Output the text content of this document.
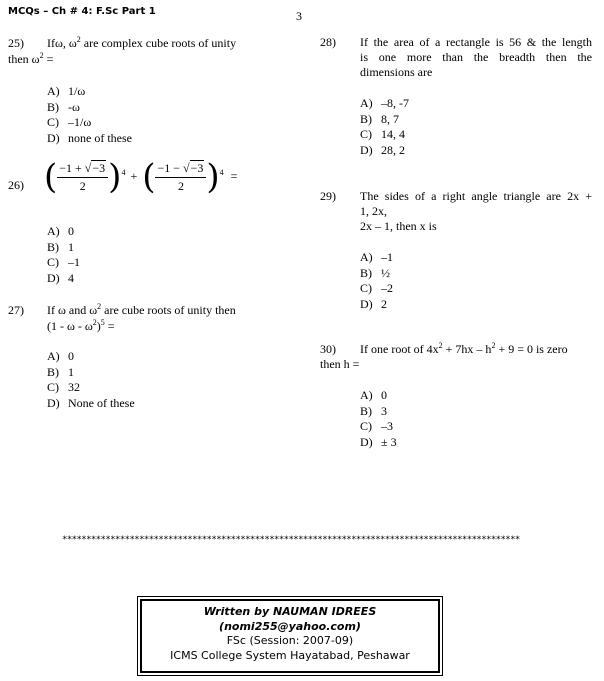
MCQs – Ch # 4: F.Sc Part 1	3
25) Ifω, $\omega^2$ are complex cube roots of unity
then $\omega^2$ =
A) 1/ω
B) -ω
C) –1/ω
D) none of these
26) ( $\frac{-1 + √-3}{2} )^4$ + ( $\frac{-1 - √-3}{2} )^4$ =
A) 0
B) 1
C) –1
D) 4
27) If ω and $\omega^2$ are cube roots of unity then
(1 - ω - $\omega^2)^5$ =
A) 0
B) 1
C) 32
D) None of these
28) If the area of a rectangle is 56 & the length
is one more than the breadth then the
dimensions are
A) –8, -7
B) 8, 7
C) 14, 4
D) 28, 2
29) The sides of a right angle triangle are 2x +
1, 2x,
2x – 1, then x is
A) –1
B) ½
C) –2
D) 2
30) If one root of $4x^2 + 7hx - h^2 + 9 = 0$ is zero
then h =
A) 0
B) 3
C) –3
D) ± 3
***********************************************************************************************
Written by NAUMAN IDREES
(nomi255@yahoo.com)
FSc (Session: 2007-09)
ICMS College System Hayatabad, Peshawar
